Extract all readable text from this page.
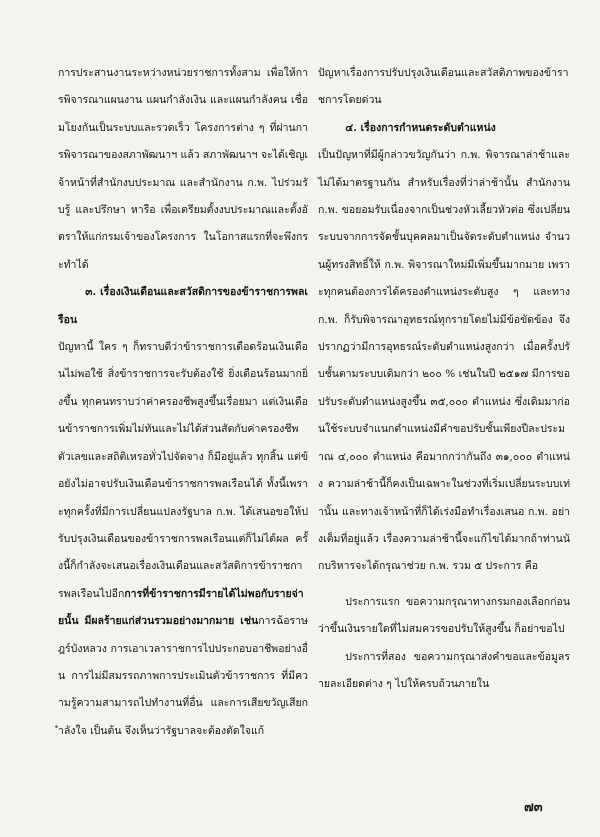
การประสานงานระหว่างหน่วยราชการทั้งสาม เพื่อให้การพิจารณาแผนงาน แผนกำลังเงิน และแผนกำลังคน เชื่อมโยงกันเป็นระบบและรวดเร็ว โครงการต่าง ๆ ที่ผ่านการพิจารณาของสภาพัฒนาฯ แล้ว สภาพัฒนาฯ จะได้เชิญเจ้าหน้าที่สำนักงบประมาณ และสำนักงาน ก.พ. ไปร่วมรับรู้ และปรึกษา หารือ เพื่อเตรียมตั้งงบประมาณและตั้งอัตราให้แก่กรมเจ้าของโครงการ ในโอกาสแรกที่จะพึงกระทำได้

๓. เรื่องเงินเดือนและสวัสดิการของข้าราชการพลเรือน

ปัญหานี้ ใคร ๆ ก็ทราบดีว่าข้าราชการเดือดร้อนเงินเดือนไม่พอใช้ สิ่งข้าราชการจะรับต้องใช้ ยิ่งเดือนร้อนมากยิ่งขึ้น ทุกคนทราบว่าค่าครองชีพสูงขึ้นเรื่อยมา แต่เงินเดือนข้าราชการเพิ่มไม่ทันและไม่ได้ส่วนสัดกับค่าครองชีพ ตัวเลขและสถิติเหรอทั่วไปจัดจาง ก็มีอยู่แล้ว ทุกสิ้น แต่ข้อยังไม่อาจปรับเงินเดือนข้าราชการพลเรือนได้ ทั้งนี้เพราะทุกครั้งที่มีการเปลี่ยนแปลงรัฐบาล ก.พ. ได้เสนอขอให้ปรับปรุงเงินเดือนของข้าราชการพลเรือนแต่ก็ไม่ได้ผล ครั้งนี้ก็กำลังจะเสนอเรื่องเงินเดือนและสวัสดิการข้าราชการพลเรือนไปอีกการที่ข้าราชการมีรายได้ไม่พอกับรายจ่ายนั้น มีผลร้ายแก่ส่วนรวมอย่างมากมาย เช่นการฉ้อราษฎร์บังหลวง การเอาเวลาราชการไปประกอบอาชีพอย่างอื่น การไม่มีสมรรถภาพการประเมินตัวข้าราชการ ที่มีความรู้ความสามารถไปทำงานที่อื่น และการเสียขวัญเสียกำลังใจ เป็นต้น จึงเห็นว่ารัฐบาลจะต้องตัดใจแก้

ปัญหาเรื่องการปรับปรุงเงินเดือนและสวัสดิภาพของข้าราชการโดยด่วน

๔. เรื่องการกำหนดระดับตำแหน่ง

เป็นปัญหาที่มีผู้กล่าวขวัญกันว่า ก.พ. พิจารณาล่าช้าและไม่ได้มาตรฐานกัน สำหรับเรื่องที่ว่าล่าช้านั้น สำนักงาน ก.พ. ขอยอมรับเนื่องจากเป็นช่วงหัวเลี้ยวหัวต่อ ซึ่งเปลี่ยนระบบจากการจัดชั้นบุคคลมาเป็นจัดระดับตำแหน่ง จำนวนผู้ทรงสิทธิ์ให้ ก.พ. พิจารณาใหม่มีเพิ่มขึ้นมากมาย เพราะทุกคนต้องการได้ครองตำแหน่งระดับสูง ๆ และทาง ก.พ. ก็รับพิจารณาอุทธรณ์ทุกรายโดยไม่มีข้อขัดข้อง จึงปรากฏว่ามีการอุทธรณ์ระดับตำแหน่งสูงกว่า เมื่อครั้งปรับชั้นตามระบบเดิมกว่า ๒๐๐ % เช่นในปี ๒๕๑๗ มีการขอปรับระดับตำแหน่งสูงขึ้น ๓๕,๐๐๐ ตำแหน่ง ซึ่งเดิมมาก่อนใช้ระบบจำแนกตำแหน่งมีคำขอปรับชั้นเพียงปีละประมาณ ๔,๐๐๐ ตำแหน่ง คือมากกว่ากันถึง ๓๑,๐๐๐ ตำแหน่ง ความล่าช้านี้ก็คงเป็นเฉพาะในช่วงที่เริ่มเปลี่ยนระบบเท่านั้น และทางเจ้าหน้าที่ก็ได้เร่งมือทำเรื่องเสนอ ก.พ. อย่างเต็มที่อยู่แล้ว เรื่องความล่าช้านี้จะแก้ไขได้มากถ้าท่านนักบริหารจะได้กรุณาช่วย ก.พ. รวม ๕ ประการ คือ

ประการแรก ขอความกรุณาทางกรมกองเลือกก่อนว่าขึ้นเงินรายใดที่ไม่สมควรขอปรับให้สูงขึ้น ก็อย่าขอไป

ประการที่สอง ขอความกรุณาส่งคำขอและข้อมูลรายละเอียดต่าง ๆ ไปให้ครบถ้วนภายใน

๗๓
